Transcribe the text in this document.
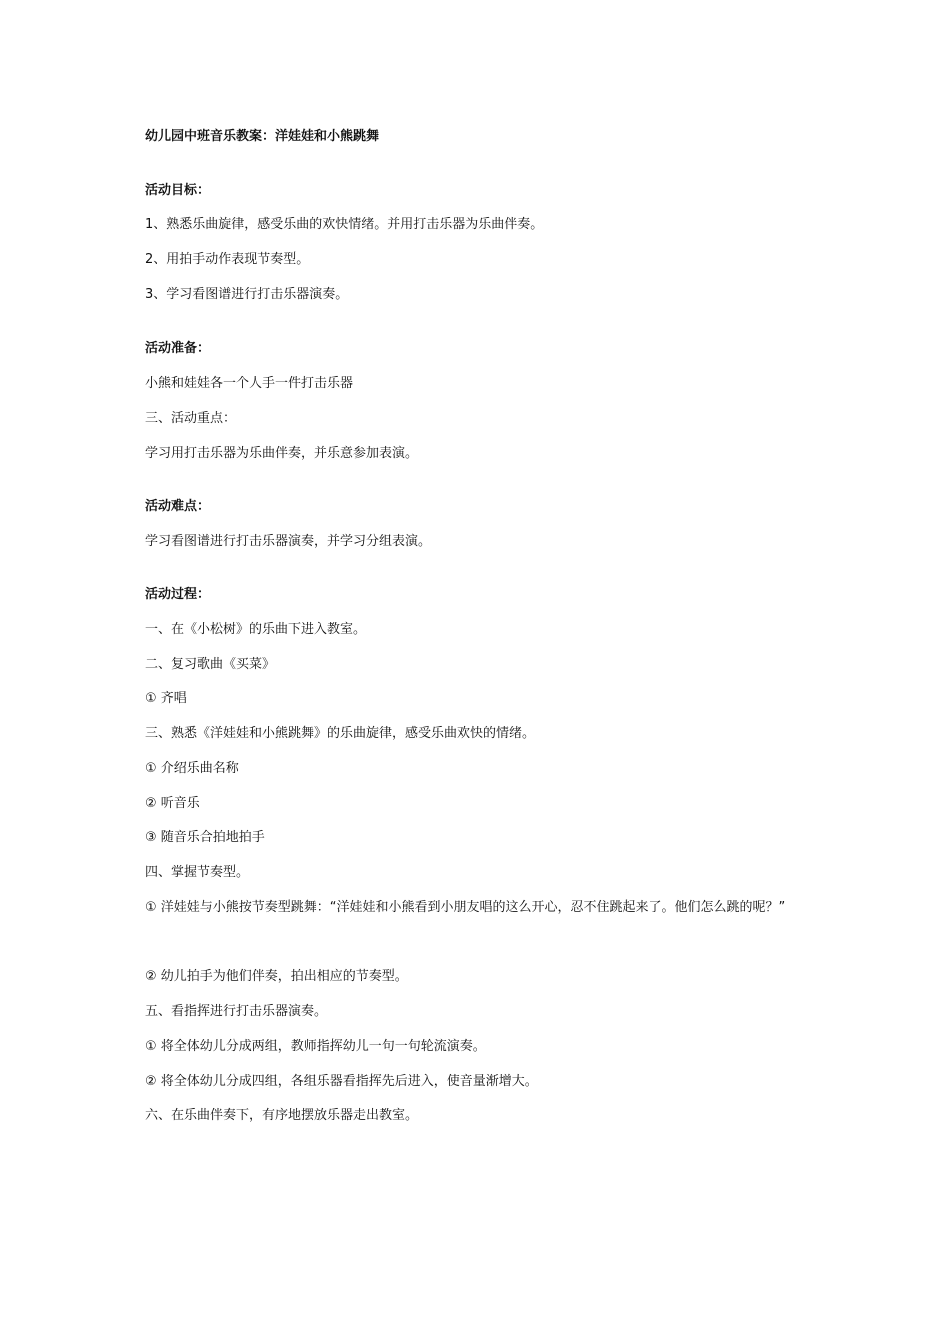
幼儿园中班音乐教案：洋娃娃和小熊跳舞
活动目标：
1、熟悉乐曲旋律，感受乐曲的欢快情绪。并用打击乐器为乐曲伴奏。
2、用拍手动作表现节奏型。
3、学习看图谱进行打击乐器演奏。
活动准备：
小熊和娃娃各一个人手一件打击乐器
三、活动重点：
学习用打击乐器为乐曲伴奏，并乐意参加表演。
活动难点：
学习看图谱进行打击乐器演奏，并学习分组表演。
活动过程：
一、在《小松树》的乐曲下进入教室。
二、复习歌曲《买菜》
① 齐唱
三、熟悉《洋娃娃和小熊跳舞》的乐曲旋律，感受乐曲欢快的情绪。
① 介绍乐曲名称
② 听音乐
③ 随音乐合拍地拍手
四、掌握节奏型。
① 洋娃娃与小熊按节奏型跳舞：“洋娃娃和小熊看到小朋友唱的这么开心，忍不住跳起来了。他们怎么跳的呢？”
② 幼儿拍手为他们伴奏，拍出相应的节奏型。
五、看指挥进行打击乐器演奏。
① 将全体幼儿分成两组，教师指挥幼儿一句一句轮流演奏。
② 将全体幼儿分成四组，各组乐器看指挥先后进入，使音量渐增大。
六、在乐曲伴奏下，有序地摆放乐器走出教室。
